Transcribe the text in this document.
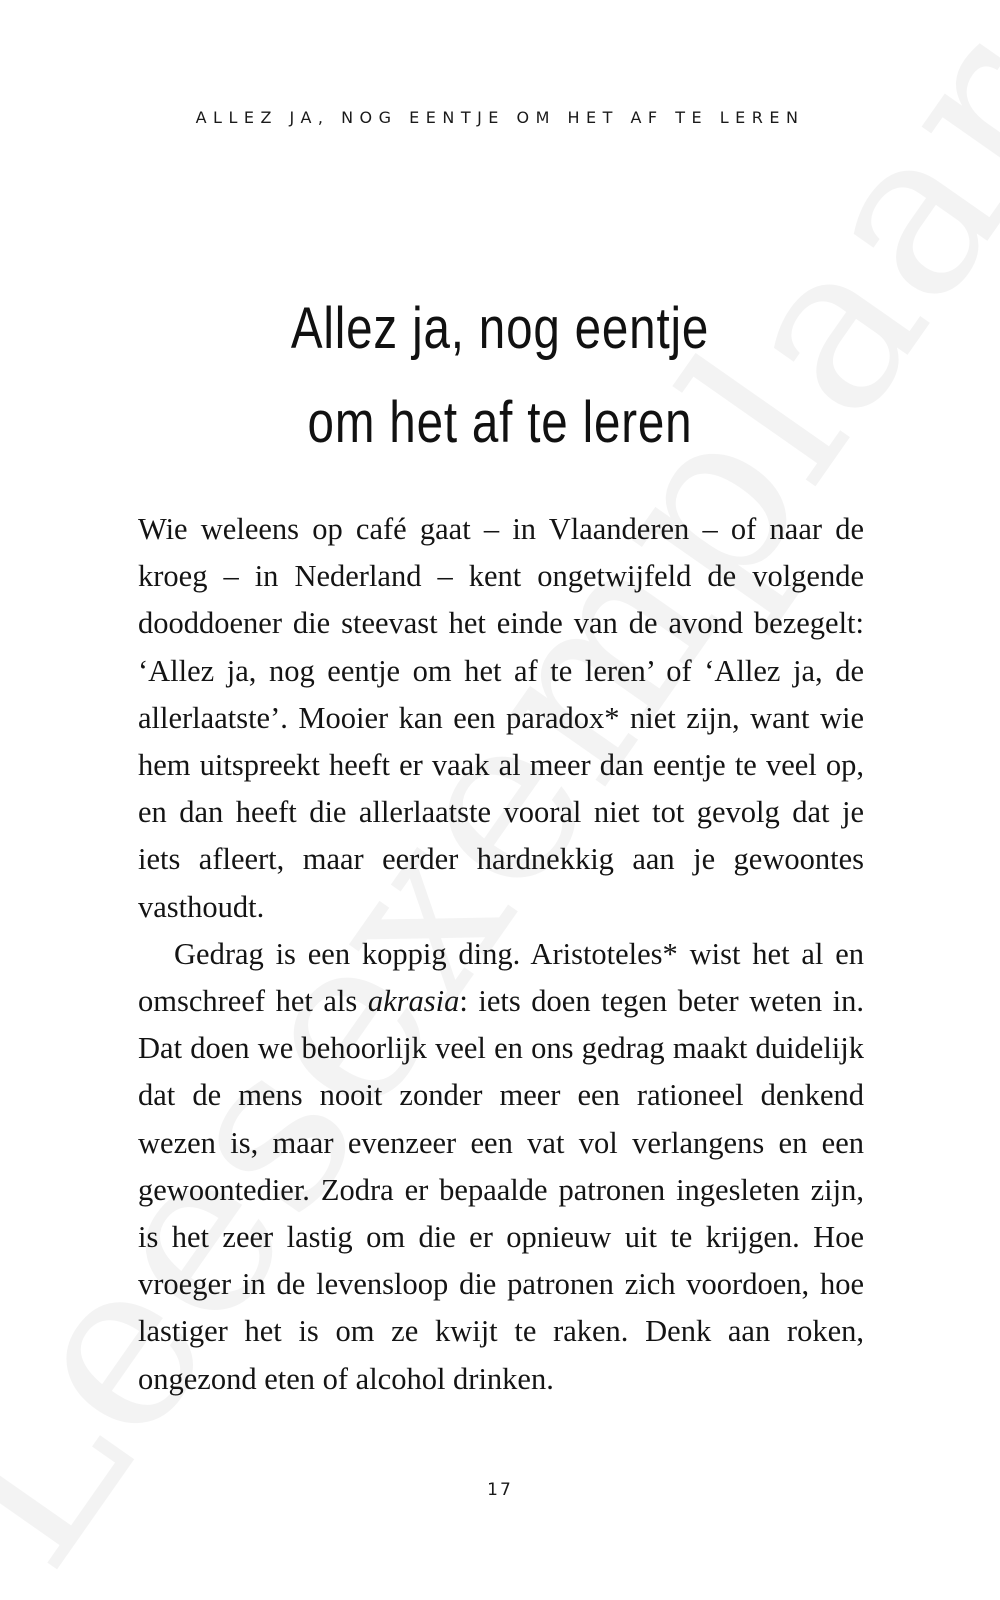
ALLEZ JA, NOG EENTJE OM HET AF TE LEREN
Allez ja, nog eentje
om het af te leren

Wie weleens op café gaat – in Vlaanderen – of naar de kroeg – in Nederland – kent ongetwijfeld de volgende dooddoener die steevast het einde van de avond bezegelt: ‘Allez ja, nog eentje om het af te leren’ of ‘Allez ja, de allerlaatste’. Mooier kan een paradox* niet zijn, want wie hem uitspreekt heeft er vaak al meer dan eentje te veel op, en dan heeft die allerlaatste vooral niet tot gevolg dat je iets afleert, maar eerder hardnekkig aan je gewoontes vasthoudt.

Gedrag is een koppig ding. Aristoteles* wist het al en omschreef het als akrasia: iets doen tegen beter weten in. Dat doen we behoorlijk veel en ons gedrag maakt duidelijk dat de mens nooit zonder meer een rationeel denkend wezen is, maar evenzeer een vat vol verlangens en een gewoontedier. Zodra er bepaalde patronen ingesleten zijn, is het zeer lastig om die er opnieuw uit te krijgen. Hoe vroeger in de levensloop die patronen zich voordoen, hoe lastiger het is om ze kwijt te raken. Denk aan roken, ongezond eten of alcohol drinken.

17
